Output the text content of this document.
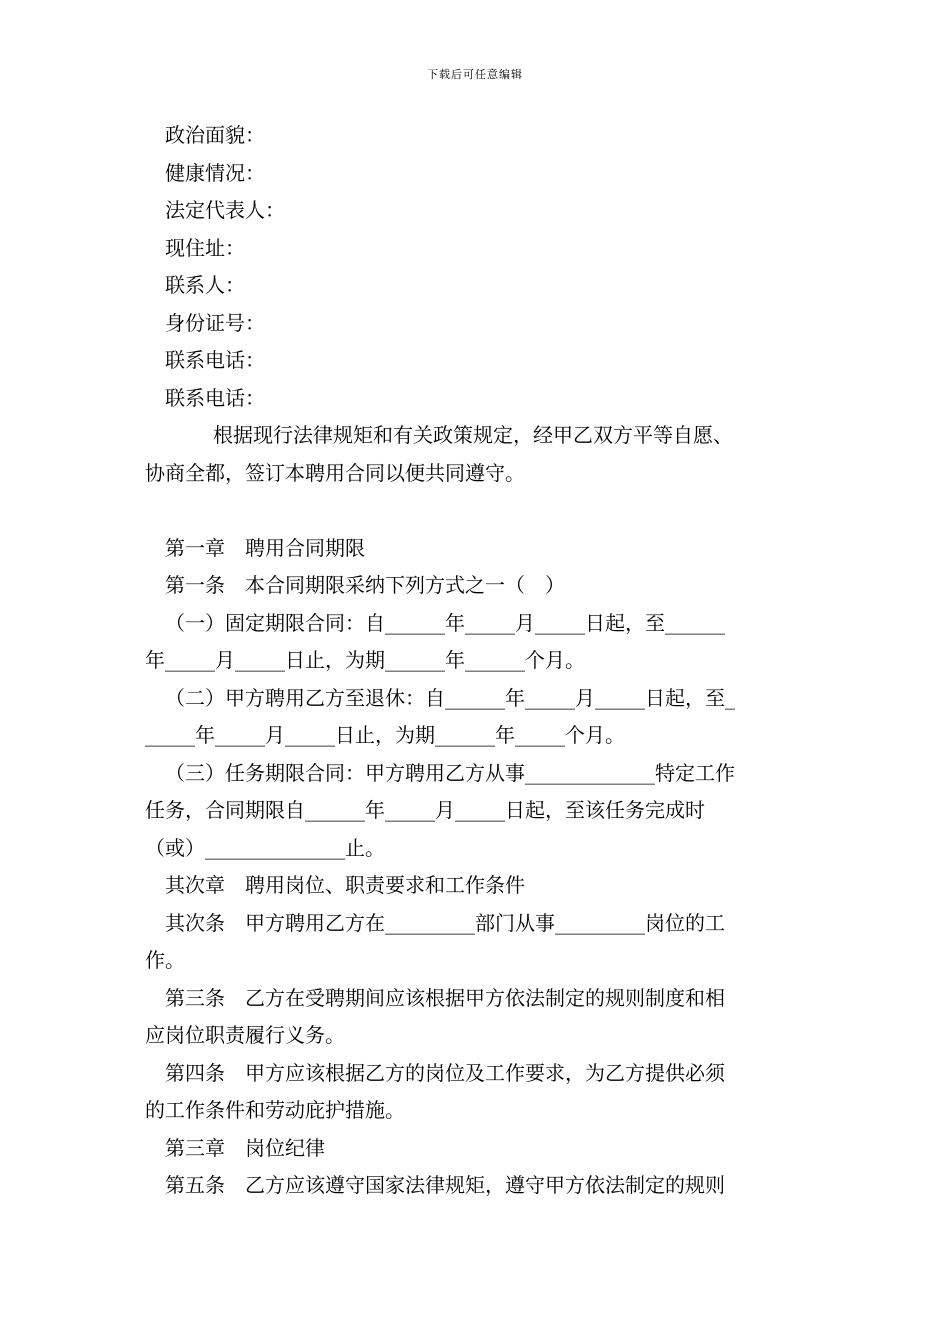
下载后可任意编辑

政治面貌：

健康情况：

法定代表人：

现住址：

联系人：

身份证号：

联系电话：

联系电话：

根据现行法律规矩和有关政策规定，经甲乙双方平等自愿、

协商全都，签订本聘用合同以便共同遵守。

第一章　聘用合同期限

第一条　本合同期限采纳下列方式之一（　）

（一）固定期限合同：自______年_____月_____日起，至______

年_____月_____日止，为期______年______个月。

（二）甲方聘用乙方至退休：自______年_____月_____日起，至_

_____年_____月_____日止，为期______年_____个月。

（三）任务期限合同：甲方聘用乙方从事_____________特定工作

任务，合同期限自______年_____月_____日起，至该任务完成时

（或）______________止。

其次章　聘用岗位、职责要求和工作条件

其次条　甲方聘用乙方在_________部门从事_________岗位的工

作。

第三条　乙方在受聘期间应该根据甲方依法制定的规则制度和相

应岗位职责履行义务。

第四条　甲方应该根据乙方的岗位及工作要求，为乙方提供必须

的工作条件和劳动庇护措施。

第三章　岗位纪律

第五条　乙方应该遵守国家法律规矩，遵守甲方依法制定的规则
